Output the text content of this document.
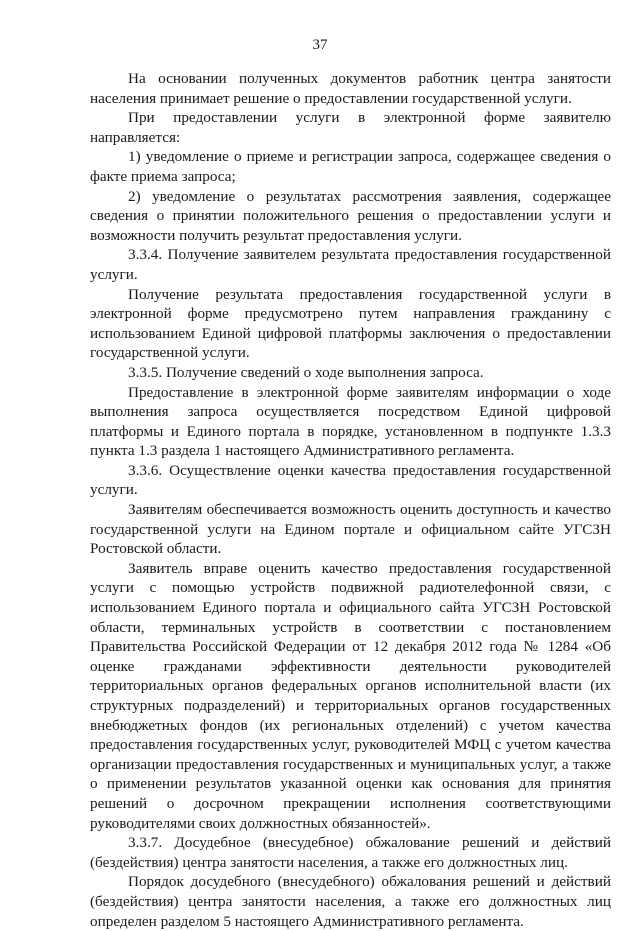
37

На основании полученных документов работник центра занятости населения принимает решение о предоставлении государственной услуги.

При предоставлении услуги в электронной форме заявителю направляется:

1) уведомление о приеме и регистрации запроса, содержащее сведения о факте приема запроса;

2) уведомление о результатах рассмотрения заявления, содержащее сведения о принятии положительного решения о предоставлении услуги и возможности получить результат предоставления услуги.

3.3.4. Получение заявителем результата предоставления государственной услуги.

Получение результата предоставления государственной услуги в электронной форме предусмотрено путем направления гражданину с использованием Единой цифровой платформы заключения о предоставлении государственной услуги.

3.3.5. Получение сведений о ходе выполнения запроса.

Предоставление в электронной форме заявителям информации о ходе выполнения запроса осуществляется посредством Единой цифровой платформы и Единого портала в порядке, установленном в подпункте 1.3.3 пункта 1.3 раздела 1 настоящего Административного регламента.

3.3.6. Осуществление оценки качества предоставления государственной услуги.

Заявителям обеспечивается возможность оценить доступность и качество государственной услуги на Едином портале и официальном сайте УГСЗН Ростовской области.

Заявитель вправе оценить качество предоставления государственной услуги с помощью устройств подвижной радиотелефонной связи, с использованием Единого портала и официального сайта УГСЗН Ростовской области, терминальных устройств в соответствии с постановлением Правительства Российской Федерации от 12 декабря 2012 года № 1284 «Об оценке гражданами эффективности деятельности руководителей территориальных органов федеральных органов исполнительной власти (их структурных подразделений) и территориальных органов государственных внебюджетных фондов (их региональных отделений) с учетом качества предоставления государственных услуг, руководителей МФЦ с учетом качества организации предоставления государственных и муниципальных услуг, а также о применении результатов указанной оценки как основания для принятия решений о досрочном прекращении исполнения соответствующими руководителями своих должностных обязанностей».

3.3.7. Досудебное (внесудебное) обжалование решений и действий (бездействия) центра занятости населения, а также его должностных лиц.

Порядок досудебного (внесудебного) обжалования решений и действий (бездействия) центра занятости населения, а также его должностных лиц определен разделом 5 настоящего Административного регламента.
